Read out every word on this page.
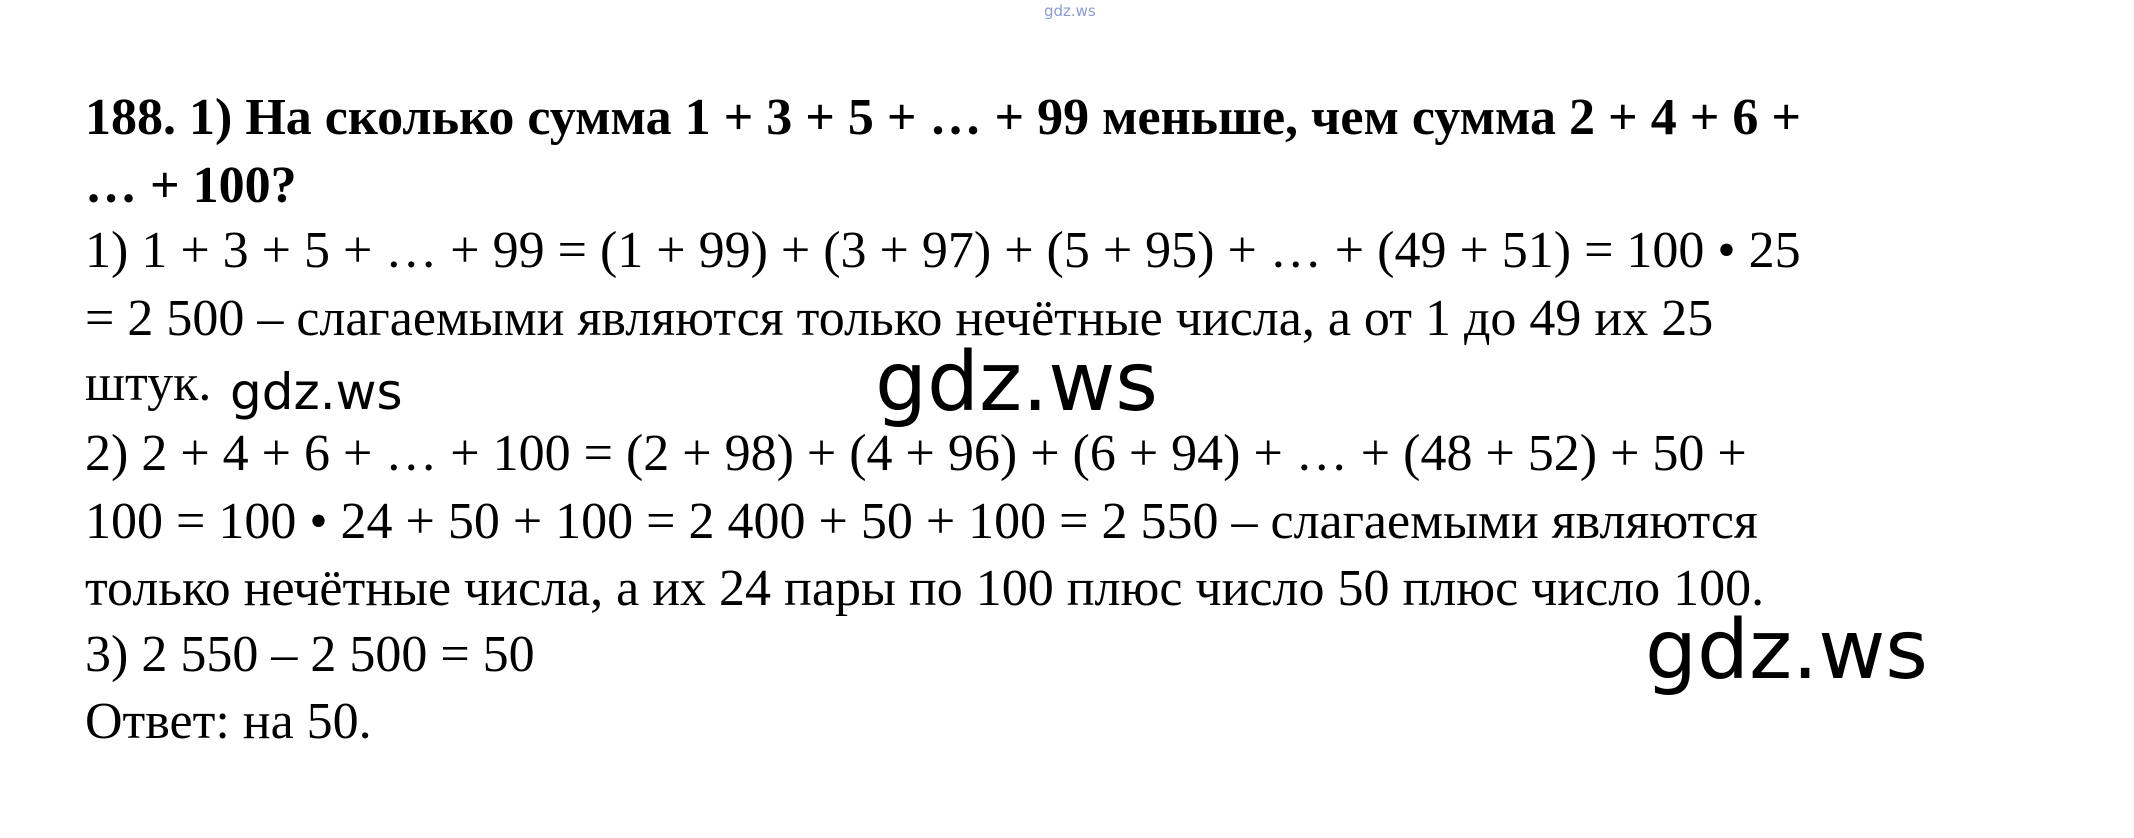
gdz.ws

188. 1) На сколько сумма 1 + 3 + 5 + … + 99 меньше, чем сумма 2 + 4 + 6 +

… + 100?

1) 1 + 3 + 5 + … + 99 = (1 + 99) + (3 + 97) + (5 + 95) + … + (49 + 51) = 100 • 25

= 2 500 – слагаемыми являются только нечётные числа, а от 1 до 49 их 25

штук.

2) 2 + 4 + 6 + … + 100 = (2 + 98) + (4 + 96) + (6 + 94) + … + (48 + 52) + 50 +

100 = 100 • 24 + 50 + 100 = 2 400 + 50 + 100 = 2 550 – слагаемыми являются

только нечётные числа, а их 24 пары по 100 плюс число 50 плюс число 100.

3) 2 550 – 2 500 = 50

Ответ: на 50.

gdz.ws	gdz.ws
gdz.ws
